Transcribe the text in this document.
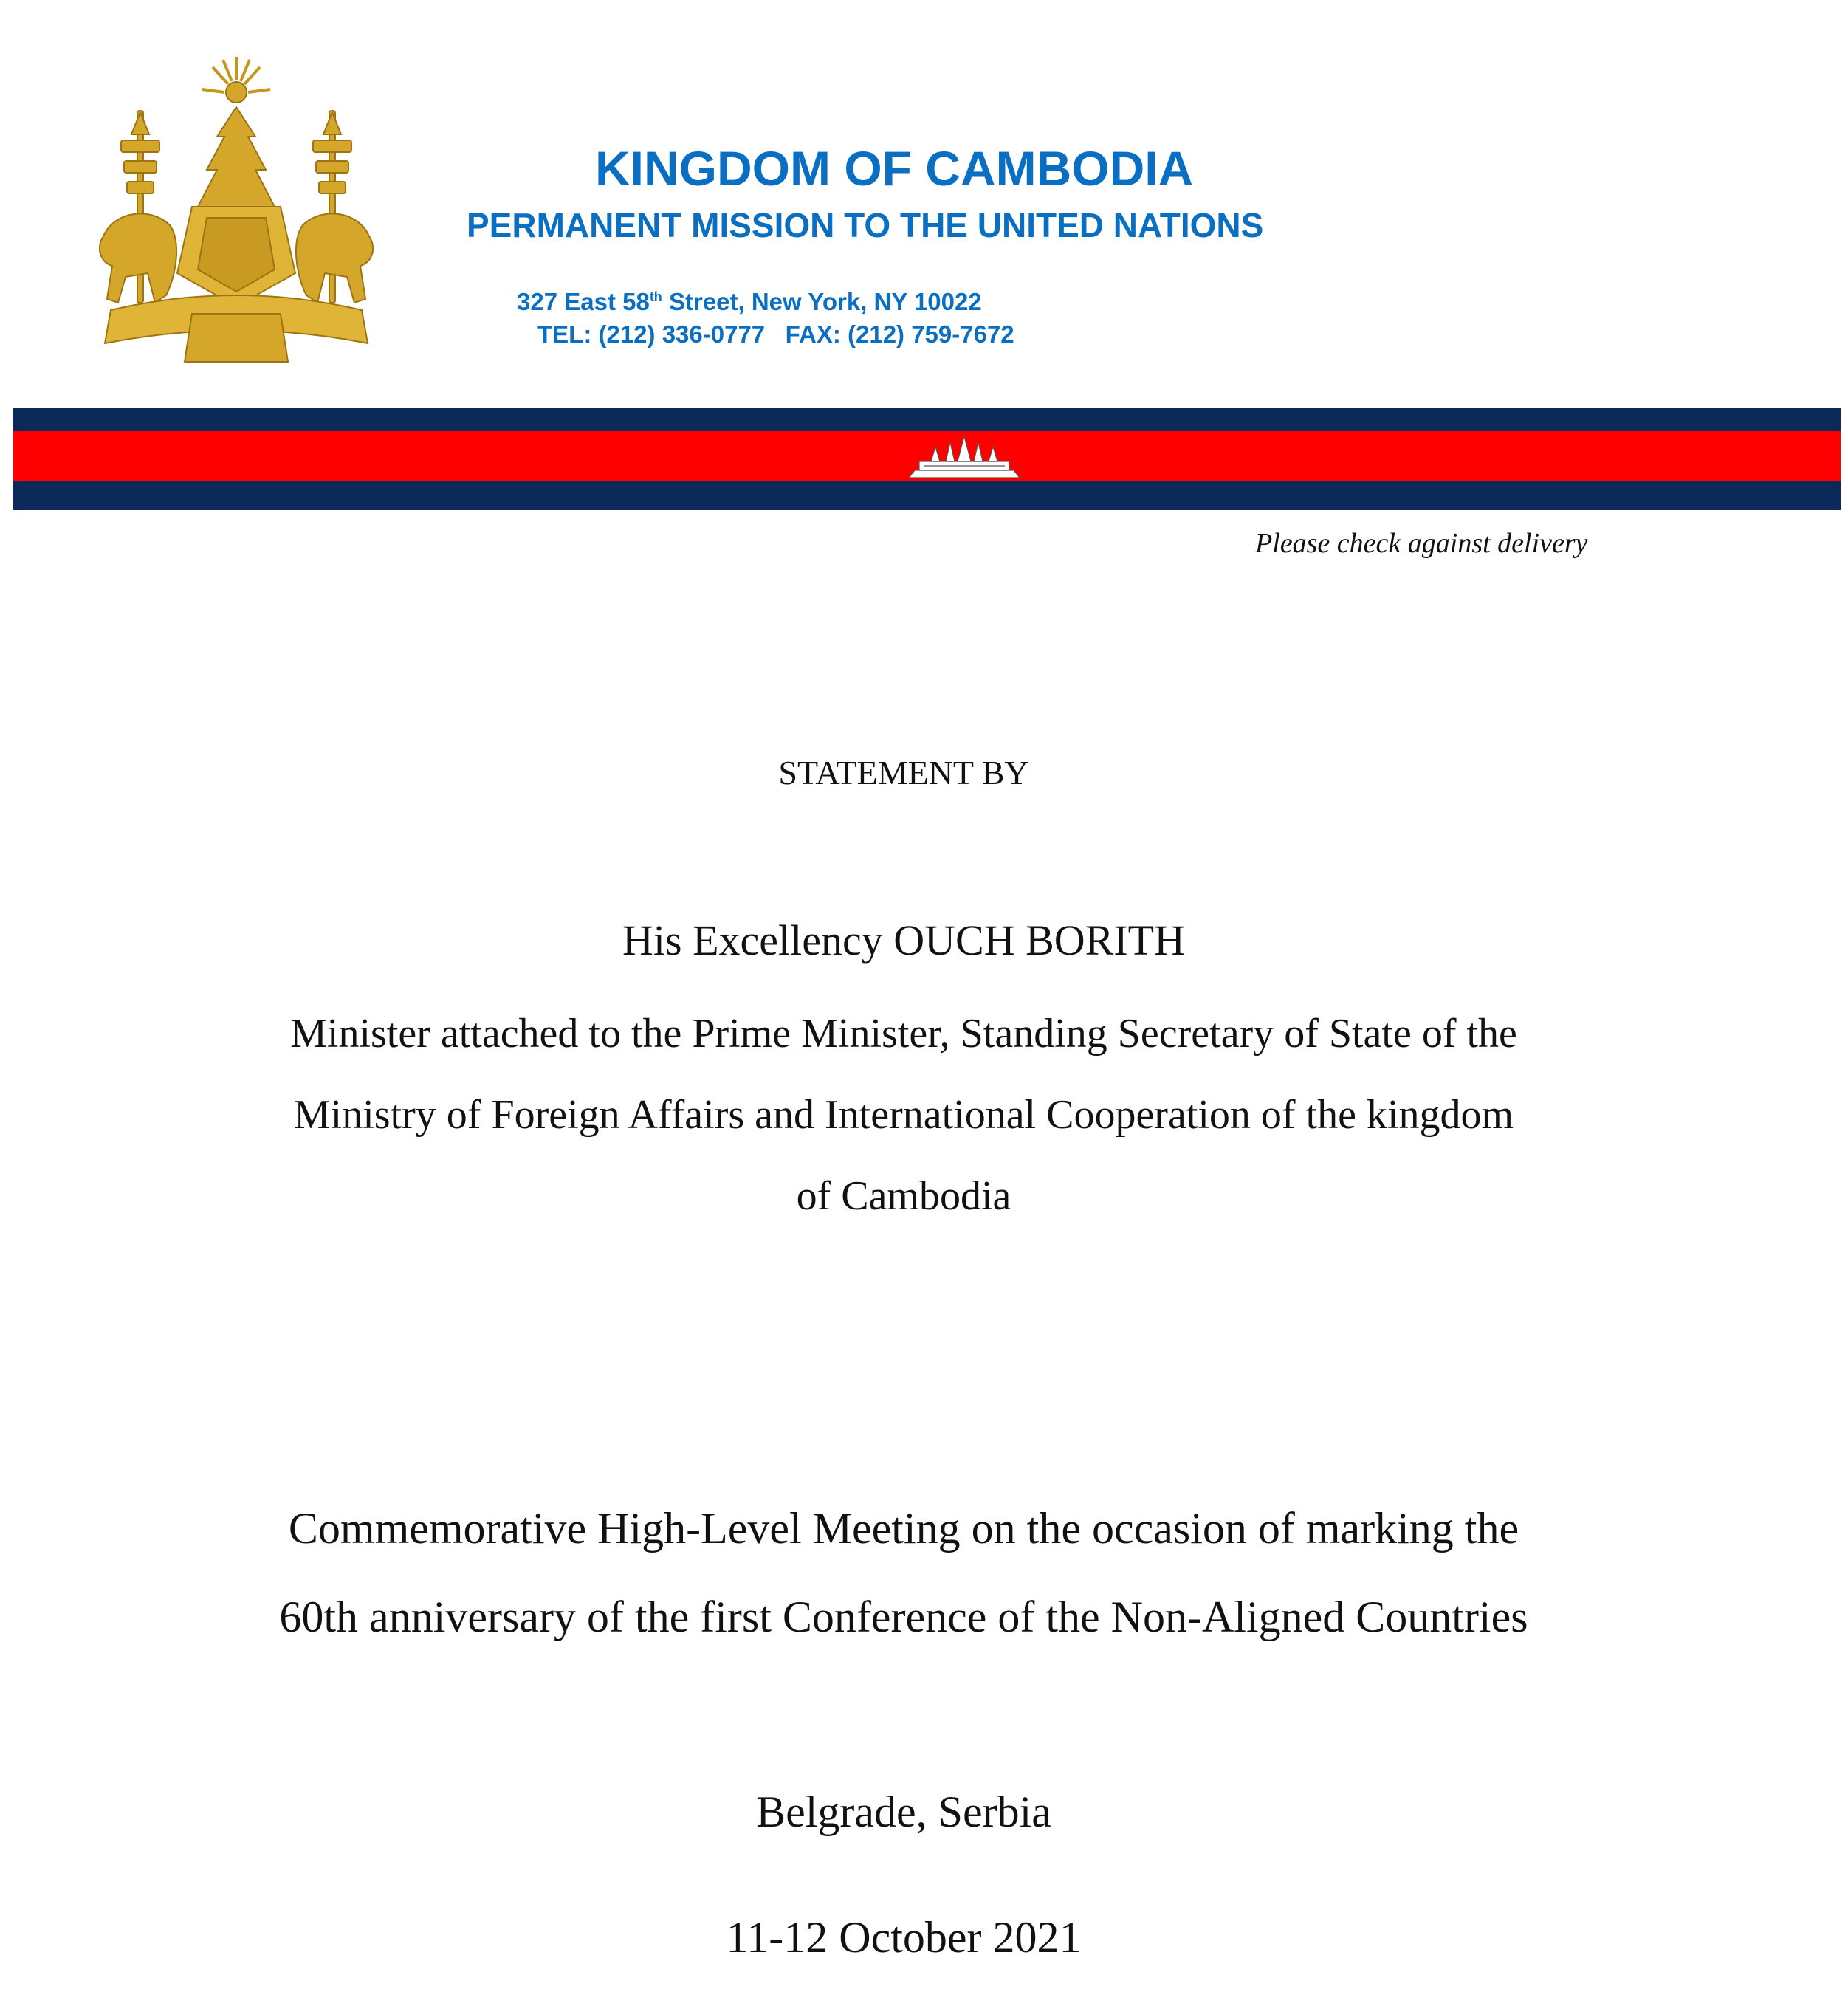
KINGDOM OF CAMBODIA
PERMANENT MISSION TO THE UNITED NATIONS
327 East 58th Street, New York, NY 10022
TEL: (212) 336-0777   FAX: (212) 759-7672
Please check against delivery
STATEMENT BY
His Excellency OUCH BORITH
Minister attached to the Prime Minister, Standing Secretary of State of the
Ministry of Foreign Affairs and International Cooperation of the kingdom
of Cambodia
Commemorative High-Level Meeting on the occasion of marking the
60th anniversary of the first Conference of the Non-Aligned Countries
Belgrade, Serbia
11-12 October 2021
